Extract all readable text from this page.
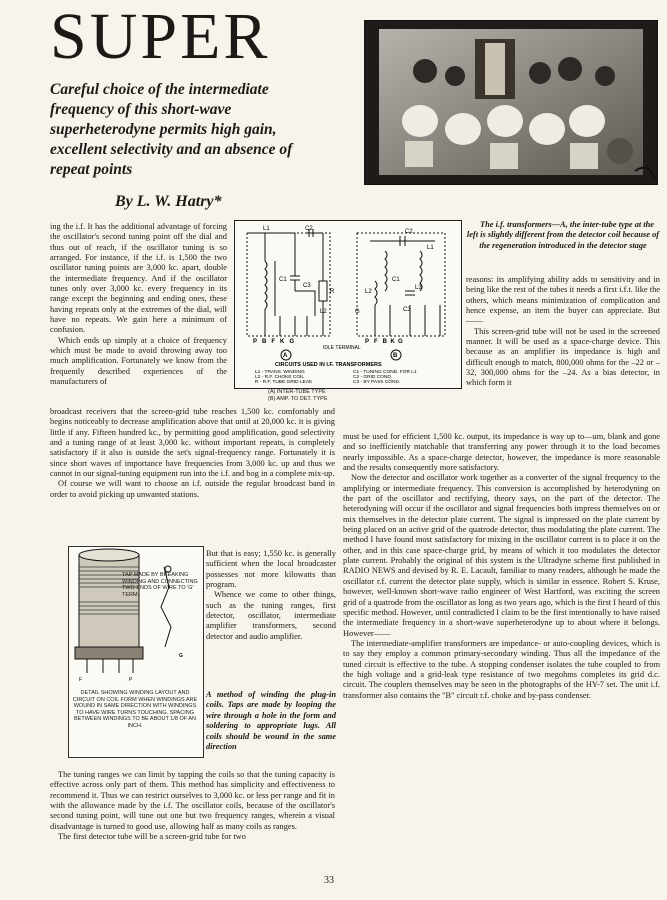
SUPER
Careful choice of the intermediate frequency of this short-wave superheterodyne permits high gain, excellent selectivity and an absence of repeat points
By L. W. Hatry*
The i.f. transformers—A, the inter-tube type at the left is slightly different from the detector coil because of the regeneration introduced in the detector stage
L1	C2
C1
R
C3
L2
C2
L1
C1
L3
L2
G	C3
P   B   F   K   G	P   F   B  K  G
IDLE TERMINAL
A	B
CIRCUITS USED IN I.F. TRANSFORMERS
L1 - TRANS. WINDING
L2 - R.F. CHOKE COIL
R - R.F. TUBE GRID LEAK
C1 - TUNING COND. FOR L1
C2 - GRID COND.
C3 - BY PASS COND.
(A) INTER-TUBE TYPE
(B) AMP. TO DET. TYPE

ing the i.f. It has the additional advantage of forcing the oscillator's second tuning point off the dial and thus out of reach, if the oscillator tuning is so arranged. For instance, if the i.f. is 1,500 the two oscillator tuning points are 3,000 kc. apart, double the intermediate frequency. And if the oscillator tunes only over 3,000 kc. every frequency in its range except the beginning and ending ones, these having repeats only at the extremes of the dial, will have no repeats. We gain here a minimum of confusion.

Which ends up simply at a choice of frequency which must be made to avoid throwing away too much amplification. Fortunately we know from the frequently described experiences of the manufacturers of

reasons: its amplifying ability adds to sensitivity and in being like the rest of the tubes it needs a first i.f.t. like the others, which means minimization of complication and hence expense, an item the buyer can appreciate. But——

This screen-grid tube will not be used in the screened manner. It will be used as a space-charge device. This because as an amplifier its impedance is high and difficult enough to match, 800,000 ohms for the –22 or –32, 300,000 ohms for the –24. As a bias detector, in which form it

broadcast receivers that the screen-grid tube reaches 1,500 kc. comfortably and begins noticeably to decrease amplification above that until at 20,000 kc. it is giving little if any. Fifteen hundred kc., by permitting good amplification, good selectivity and a tuning range of at least 3,000 kc. without important repeats, is completely satisfactory if it also is outside the set's signal-frequency range. Fortunately it is since short waves of importance have frequencies from 3,000 kc. up and thus we cannot in our signal-tuning equipment run into the i.f. and bog in a complete mix-up.

Of course we will want to choose an i.f. outside the regular broadcast band in order to avoid picking up unwanted stations.

F	P
G
TAP MADE BY BREAKING WINDING AND CONNECTING TWO ENDS OF WIRE TO 'G' TERM.
DETAIL SHOWING WINDING LAYOUT AND CIRCUIT ON COIL FORM WHEN WINDINGS ARE WOUND IN SAME DIRECTION WITH WINDINGS TO HAVE WIRE TURNS TOUCHING. SPACING BETWEEN WINDINGS TO BE ABOUT 1/8 OF AN INCH.

But that is easy; 1,550 kc. is generally sufficient when the local broadcaster possesses not more kilowatts than program.

Whence we come to other things, such as the tuning ranges, first detector, oscillator, intermediate amplifier transformers, second detector and audio amplifier.

A method of winding the plug-in coils. Taps are made by looping the wire through a hole in the form and soldering to appropriate lugs. All coils should be wound in the same direction

The tuning ranges we can limit by tapping the coils so that the tuning capacity is effective across only part of them. This method has simplicity and effectiveness to recommend it. Thus we can restrict ourselves to 3,000 kc. or less per range and fit in with the allowance made by the i.f. The oscillator coils, because of the oscillator's second tuning point, will tune out one but two frequency ranges, wherein a visual disadvantage is turned to good use, allowing half as many coils as ranges.

The first detector tube will be a screen-grid tube for two

must be used for efficient 1,500 kc. output, its impedance is way up to—um, blank and gone and so inefficiently matchable that transferring any power through it to the load becomes nearly impossible. As a space-charge detector, however, the impedance is more reasonable and the results consequently more satisfactory.

Now the detector and oscillator work together as a converter of the signal frequency to the amplifying or intermediate frequency. This conversion is accomplished by heterodyning on the part of the oscillator and rectifying, theory says, on the part of the detector. The heterodyning will occur if the oscillator and signal frequencies both impress themselves on or mix themselves in the detector plate current. The signal is impressed on the plate current by being placed on an active grid of the quatrode detector, thus modulating the plate current. The method I have found most satisfactory for mixing in the oscillator current is to place it on the other, and in this case space-charge grid, by means of which it too modulates the detector plate current. Probably the original of this system is the Ultradyne scheme first published in RADIO NEWS and devised by R. E. Lacault, familiar to many readers, although he made the oscillator r.f. current the detector plate supply, which is similar in essence. Robert S. Kruse, however, well-known short-wave radio engineer of West Hartford, was exciting the screen grid of a quatrode from the oscillator as long as two years ago, which is the first I heard of this specific method. However, until contradicted I claim to be the first intentionally to have raised the intermediate frequency in a short-wave superheterodyne up to about where it belongs. However——

The intermediate-amplifier transformers are impedance- or auto-coupling devices, which is to say they employ a common primary-secondary winding. Thus all the impedance of the tuned circuit is effective to the tube. A stopping condenser isolates the tube coupled to from the high voltage and a grid-leak type resistance of two megohms completes its grid d.c. circuit. The couplers themselves may be seen in the photographs of the HY-7 set. The unit i.f. transformer also contains the "B" circuit r.f. choke and by-pass condenser.

33
